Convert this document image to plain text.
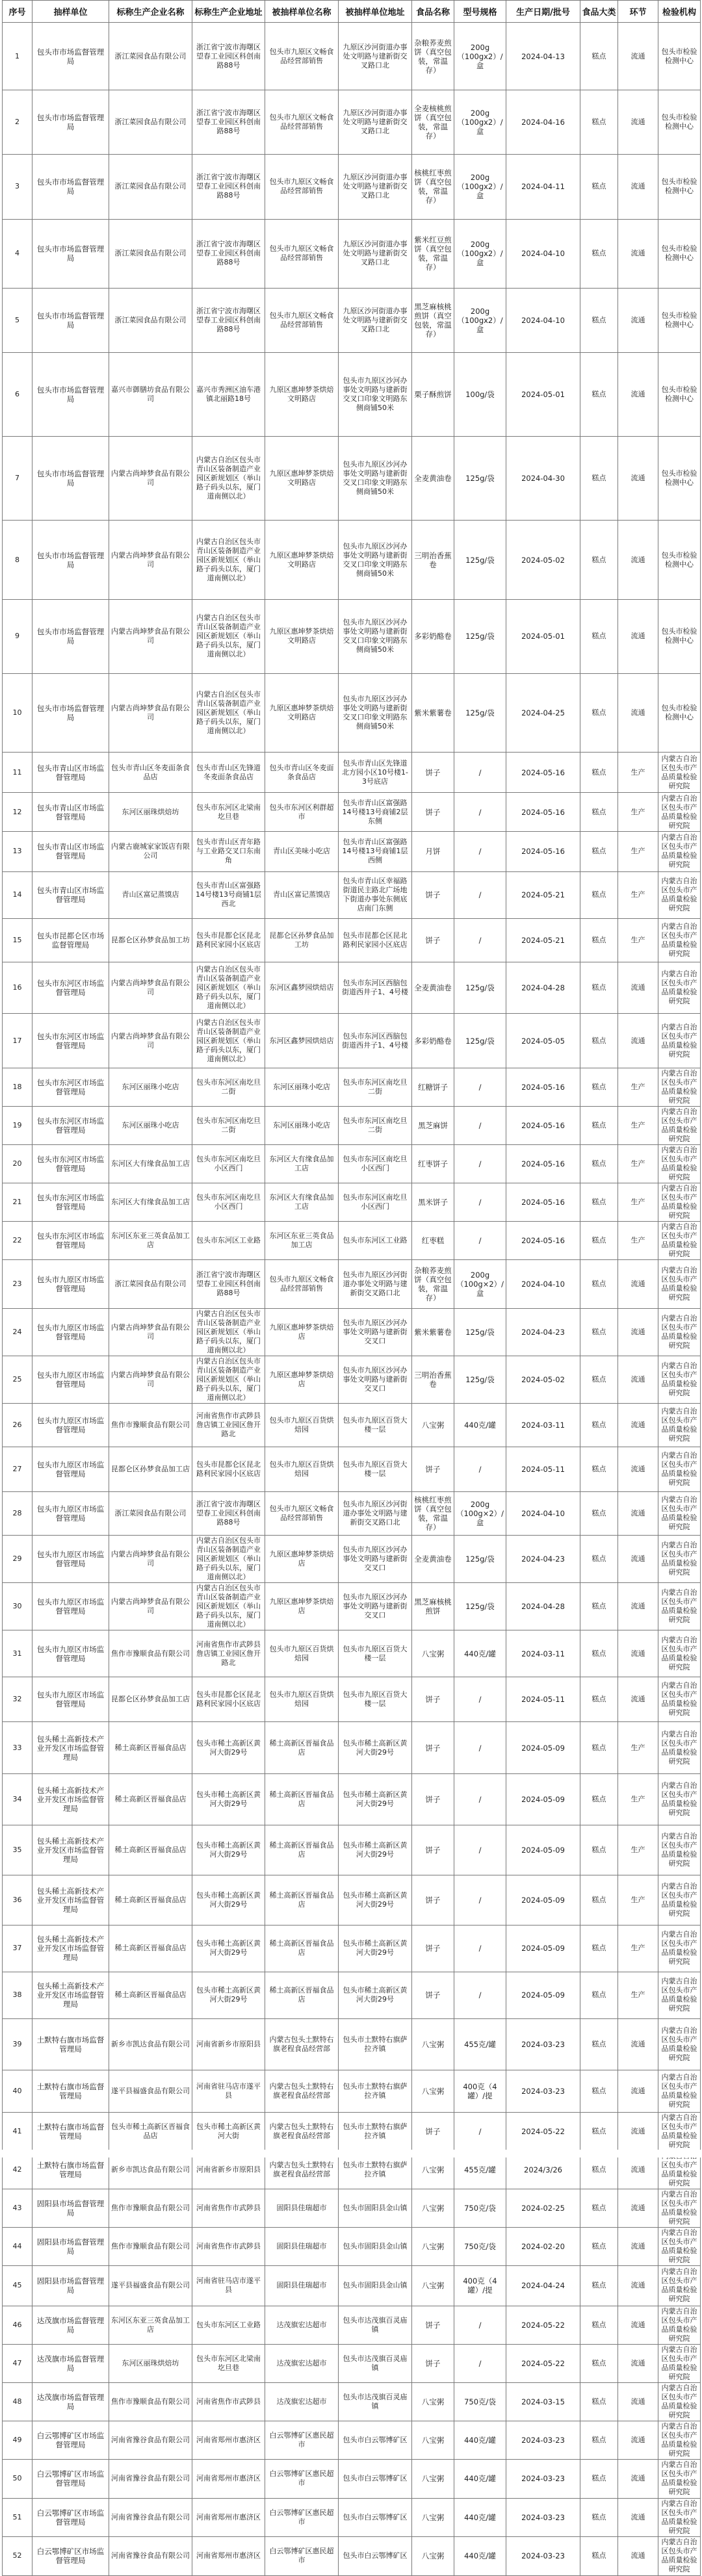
序号	抽样单位	标称生产企业名称	标称生产企业地址	被抽样单位名称	被抽样单位地址	食品名称	型号规格	生产日期/批号	食品大类	环节	检验机构
1	包头市市场监督管理局	浙江菜园食品有限公司	浙江省宁波市海曙区望春工业园区科创南路88号	包头市九原区文畅食品经营部销售	九原区沙河街道办事处文明路与建新街交叉路口北	杂粮荞麦煎饼（真空包装，常温存）	200g（100gx2）/盒	2024-04-13	糕点	流通	包头市检验检测中心
2	包头市市场监督管理局	浙江菜园食品有限公司	浙江省宁波市海曙区望春工业园区科创南路88号	包头市九原区文畅食品经营部销售	九原区沙河街道办事处文明路与建新街交叉路口北	全麦核桃煎饼（真空包装，常温存）	200g（100gx2）/盒	2024-04-16	糕点	流通	包头市检验检测中心
3	包头市市场监督管理局	浙江菜园食品有限公司	浙江省宁波市海曙区望春工业园区科创南路88号	包头市九原区文畅食品经营部销售	九原区沙河街道办事处文明路与建新街交叉路口北	核桃红枣煎饼（真空包装，常温存）	200g（100gx2）/盒	2024-04-11	糕点	流通	包头市检验检测中心
4	包头市市场监督管理局	浙江菜园食品有限公司	浙江省宁波市海曙区望春工业园区科创南路88号	包头市九原区文畅食品经营部销售	九原区沙河街道办事处文明路与建新街交叉路口北	紫米红豆煎饼（真空包装，常温存）	200g（100gx2）/盒	2024-04-10	糕点	流通	包头市检验检测中心
5	包头市市场监督管理局	浙江菜园食品有限公司	浙江省宁波市海曙区望春工业园区科创南路88号	包头市九原区文畅食品经营部销售	九原区沙河街道办事处文明路与建新街交叉路口北	黑芝麻核桃煎饼（真空包装，常温存）	200g（100gx2）/盒	2024-04-10	糕点	流通	包头市检验检测中心
6	包头市市场监督管理局	嘉兴市御膳坊食品有限公司	嘉兴市秀洲区油车港镇北丽路18号	九原区惠坤梦茶烘焙文明路店	包头市九原区沙河办事处文明路与建新街交叉口印象文明路东侧商铺50米	栗子酥煎饼	100g/袋	2024-05-01	糕点	流通	包头市检验检测中心
7	包头市市场监督管理局	内蒙古尚坤梦食品有限公司	内蒙古自治区包头市青山区装备制造产业园区新规划区（举山路子码头以东，厦门道南侧以北）	九原区惠坤梦茶烘焙文明路店	包头市九原区沙河办事处文明路与建新街交叉口印象文明路东侧商铺50米	全麦黄油卷	125g/袋	2024-04-30	糕点	流通	包头市检验检测中心
8	包头市市场监督管理局	内蒙古尚坤梦食品有限公司	内蒙古自治区包头市青山区装备制造产业园区新规划区（举山路子码头以东，厦门道南侧以北）	九原区惠坤梦茶烘焙文明路店	包头市九原区沙河办事处文明路与建新街交叉口印象文明路东侧商铺50米	三明治香蕉卷	125g/袋	2024-05-02	糕点	流通	包头市检验检测中心
9	包头市市场监督管理局	内蒙古尚坤梦食品有限公司	内蒙古自治区包头市青山区装备制造产业园区新规划区（举山路子码头以东，厦门道南侧以北）	九原区惠坤梦茶烘焙文明路店	包头市九原区沙河办事处文明路与建新街交叉口印象文明路东侧商铺50米	多彩奶酪卷	125g/袋	2024-05-01	糕点	流通	包头市检验检测中心
10	包头市市场监督管理局	内蒙古尚坤梦食品有限公司	内蒙古自治区包头市青山区装备制造产业园区新规划区（举山路子码头以东，厦门道南侧以北）	九原区惠坤梦茶烘焙文明路店	包头市九原区沙河办事处文明路与建新街交叉口印象文明路东侧商铺50米	紫米紫薯卷	125g/袋	2024-04-25	糕点	流通	包头市检验检测中心
11	包头市青山区市场监督管理局	包头市青山区冬麦面条食品店	包头市青山区先锋道冬麦面条食品店	包头市青山区冬麦面条食品店	包头市青山区先锋道北方园小区10号楼1-3号底店	饼子	/	2024-05-16	糕点	生产	内蒙古自治区包头市产品质量检验研究院
12	包头市青山区市场监督管理局	东河区丽珠烘焙坊	包头市东河区北梁南圪旦巷	包头市东河区利群超市	包头市青山区富强路14号楼13号商铺2层东侧	饼子	/	2024-05-16	糕点	生产	内蒙古自治区包头市产品质量检验研究院
13	包头市青山区市场监督管理局	内蒙古鹿城家家饭店有限公司	包头市青山区青年路与工业路交叉口东南角	青山区美味小吃店	包头市青山区富强路14号楼13号商铺1层西侧	月饼	/	2024-05-16	糕点	生产	内蒙古自治区包头市产品质量检验研究院
14	包头市青山区市场监督管理局	青山区富记蒸馍店	包头市青山区富强路14号楼13号商铺1层西北	青山区富记蒸馍店	包头市青山区幸福路街道民主路北广场地下街道办事处东侧底店南门东侧	饼子	/	2024-05-21	糕点	生产	内蒙古自治区包头市产品质量检验研究院
15	包头市昆都仑区市场监督管理局	昆都仑区孙梦食品加工坊	包头市昆都仑区昆北路利民家园小区底店	昆都仑区孙梦食品加工坊	包头市昆都仑区昆北路利民家园小区底店	饼子	/	2024-05-21	糕点	生产	内蒙古自治区包头市产品质量检验研究院
16	包头市东河区市场监督管理局	内蒙古尚坤梦食品有限公司	内蒙古自治区包头市青山区装备制造产业园区新规划区（举山路子码头以东，厦门道南侧以北）	东河区鑫梦园烘焙店	包头市东河区西脑包街道西井子1、4号楼	全麦黄油卷	125g/袋	2024-04-28	糕点	流通	内蒙古自治区包头市产品质量检验研究院
17	包头市东河区市场监督管理局	内蒙古尚坤梦食品有限公司	内蒙古自治区包头市青山区装备制造产业园区新规划区（举山路子码头以东，厦门道南侧以北）	东河区鑫梦园烘焙店	包头市东河区西脑包街道西井子1、4号楼	多彩奶酪卷	125g/袋	2024-05-05	糕点	流通	内蒙古自治区包头市产品质量检验研究院
18	包头市东河区市场监督管理局	东河区丽珠小吃店	包头市东河区南圪旦二街	东河区丽珠小吃店	包头市东河区南圪旦二街	红糖饼子	/	2024-05-16	糕点	生产	内蒙古自治区包头市产品质量检验研究院
19	包头市东河区市场监督管理局	东河区丽珠小吃店	包头市东河区南圪旦二街	东河区丽珠小吃店	包头市东河区南圪旦二街	黑芝麻饼	/	2024-05-16	糕点	生产	内蒙古自治区包头市产品质量检验研究院
20	包头市东河区市场监督管理局	东河区大有缘食品加工店	包头市东河区南圪旦小区西门	东河区大有缘食品加工店	包头市东河区南圪旦小区西门	红枣饼子	/	2024-05-16	糕点	生产	内蒙古自治区包头市产品质量检验研究院
21	包头市东河区市场监督管理局	东河区大有缘食品加工店	包头市东河区南圪旦小区西门	东河区大有缘食品加工店	包头市东河区南圪旦小区西门	黑米饼子	/	2024-05-16	糕点	生产	内蒙古自治区包头市产品质量检验研究院
22	包头市东河区市场监督管理局	东河区东亚三英食品加工店	包头市东河区工业路	东河区东亚三英食品加工店	包头市东河区工业路	红枣糕	/	2024-05-16	糕点	生产	内蒙古自治区包头市产品质量检验研究院
23	包头市九原区市场监督管理局	浙江菜园食品有限公司	浙江省宁波市海曙区望春工业园区科创南路88号	包头市九原区文畅食品经营部销售	包头市九原区沙河街道办事处文明路与建新街交叉路口北	杂粮荞麦煎饼（真空包装，常温存）	200g（100g×2）/盒	2024-04-10	糕点	流通	内蒙古自治区包头市产品质量检验研究院
24	包头市九原区市场监督管理局	内蒙古尚坤梦食品有限公司	内蒙古自治区包头市青山区装备制造产业园区新规划区（举山路子码头以东，厦门道南侧以北）	九原区惠坤梦茶烘焙店	包头市九原区沙河办事处文明路与建新街交叉口	紫米紫薯卷	125g/袋	2024-04-23	糕点	流通	内蒙古自治区包头市产品质量检验研究院
25	包头市九原区市场监督管理局	内蒙古尚坤梦食品有限公司	内蒙古自治区包头市青山区装备制造产业园区新规划区（举山路子码头以东，厦门道南侧以北）	九原区惠坤梦茶烘焙店	包头市九原区沙河办事处文明路与建新街交叉口	三明治香蕉卷	125g/袋	2024-05-02	糕点	流通	内蒙古自治区包头市产品质量检验研究院
26	包头市九原区市场监督管理局	焦作市豫顺食品有限公司	河南省焦作市武陟县詹店镇工业园区詹开路北	包头市九原区百货烘焙园	包头市九原区百货大楼一层	八宝粥	440克/罐	2024-03-11	糕点	流通	内蒙古自治区包头市产品质量检验研究院
27	包头市九原区市场监督管理局	昆都仑区孙梦食品加工店	包头市昆都仑区昆北路利民家园小区底店	包头市九原区百货烘焙园	包头市九原区百货大楼一层	饼子	/	2024-05-11	糕点	流通	内蒙古自治区包头市产品质量检验研究院
28	包头市九原区市场监督管理局	浙江菜园食品有限公司	浙江省宁波市海曙区望春工业园区科创南路88号	包头市九原区文畅食品经营部销售	包头市九原区沙河街道办事处文明路与建新街交叉路口北	核桃红枣煎饼（真空包装，常温存）	200g（100g×2）/盒	2024-04-10	糕点	流通	内蒙古自治区包头市产品质量检验研究院
29	包头市九原区市场监督管理局	内蒙古尚坤梦食品有限公司	内蒙古自治区包头市青山区装备制造产业园区新规划区（举山路子码头以东，厦门道南侧以北）	九原区惠坤梦茶烘焙店	包头市九原区沙河办事处文明路与建新街交叉口	全麦黄油卷	125g/袋	2024-04-23	糕点	流通	内蒙古自治区包头市产品质量检验研究院
30	包头市九原区市场监督管理局	内蒙古尚坤梦食品有限公司	内蒙古自治区包头市青山区装备制造产业园区新规划区（举山路子码头以东，厦门道南侧以北）	九原区惠坤梦茶烘焙店	包头市九原区沙河办事处文明路与建新街交叉口	黑芝麻核桃煎饼	125g/袋	2024-04-28	糕点	流通	内蒙古自治区包头市产品质量检验研究院
31	包头市九原区市场监督管理局	焦作市豫顺食品有限公司	河南省焦作市武陟县詹店镇工业园区詹开路北	包头市九原区百货烘焙园	包头市九原区百货大楼一层	八宝粥	440克/罐	2024-03-11	糕点	流通	内蒙古自治区包头市产品质量检验研究院
32	包头市九原区市场监督管理局	昆都仑区孙梦食品加工店	包头市昆都仑区昆北路利民家园小区底店	包头市九原区百货烘焙园	包头市九原区百货大楼一层	饼子	/	2024-05-11	糕点	流通	内蒙古自治区包头市产品质量检验研究院
33	包头稀土高新技术产业开发区市场监督管理局	稀土高新区晋福食品店	包头市稀土高新区黄河大街29号	稀土高新区晋福食品店	包头市稀土高新区黄河大街29号	饼子	/	2024-05-09	糕点	生产	内蒙古自治区包头市产品质量检验研究院
34	包头稀土高新技术产业开发区市场监督管理局	稀土高新区晋福食品店	包头市稀土高新区黄河大街29号	稀土高新区晋福食品店	包头市稀土高新区黄河大街29号	饼子	/	2024-05-09	糕点	生产	内蒙古自治区包头市产品质量检验研究院
35	包头稀土高新技术产业开发区市场监督管理局	稀土高新区晋福食品店	包头市稀土高新区黄河大街29号	稀土高新区晋福食品店	包头市稀土高新区黄河大街29号	饼子	/	2024-05-09	糕点	生产	内蒙古自治区包头市产品质量检验研究院
36	包头稀土高新技术产业开发区市场监督管理局	稀土高新区晋福食品店	包头市稀土高新区黄河大街29号	稀土高新区晋福食品店	包头市稀土高新区黄河大街29号	饼子	/	2024-05-09	糕点	生产	内蒙古自治区包头市产品质量检验研究院
37	包头稀土高新技术产业开发区市场监督管理局	稀土高新区晋福食品店	包头市稀土高新区黄河大街29号	稀土高新区晋福食品店	包头市稀土高新区黄河大街29号	饼子	/	2024-05-09	糕点	生产	内蒙古自治区包头市产品质量检验研究院
38	包头稀土高新技术产业开发区市场监督管理局	稀土高新区晋福食品店	包头市稀土高新区黄河大街29号	稀土高新区晋福食品店	包头市稀土高新区黄河大街29号	饼子	/	2024-05-09	糕点	生产	内蒙古自治区包头市产品质量检验研究院
39	土默特右旗市场监督管理局	新乡市凯达食品有限公司	河南省新乡市原阳县	内蒙古包头土默特右旗老程食品经营部	包头市土默特右旗萨拉齐镇	八宝粥	455克/罐	2024-03-23	糕点	流通	内蒙古自治区包头市产品质量检验研究院
40	土默特右旗市场监督管理局	遂平县福盛食品有限公司	河南省驻马店市遂平县	内蒙古包头土默特右旗老程食品经营部	包头市土默特右旗萨拉齐镇	八宝粥	400克（4罐）/提	2024-03-23	糕点	流通	内蒙古自治区包头市产品质量检验研究院
41	土默特右旗市场监督管理局	包头市稀土高新区晋福食品店	包头市稀土高新区黄河大街	内蒙古包头土默特右旗老程食品经营部	包头市土默特右旗萨拉齐镇	饼子	/	2024-05-22	糕点	流通	内蒙古自治区包头市产品质量检验研究院
42	土默特右旗市场监督管理局	新乡市凯达食品有限公司	河南省新乡市原阳县	内蒙古包头土默特右旗老程食品经营部	包头市土默特右旗萨拉齐镇	八宝粥	455克/罐	2024/3/26	糕点	流通	区包头市产品质量检验研究院
43	固阳县市场监督管理局	焦作市豫顺食品有限公司	河南省焦作市武陟县	固阳县佳瑞超市	包头市固阳县金山镇	八宝粥	750克/袋	2024-02-25	糕点	流通	内蒙古自治区包头市产品质量检验研究院
44	固阳县市场监督管理局	焦作市豫顺食品有限公司	河南省焦作市武陟县	固阳县佳瑞超市	包头市固阳县金山镇	八宝粥	750克/袋	2024-02-20	糕点	流通	内蒙古自治区包头市产品质量检验研究院
45	固阳县市场监督管理局	遂平县福盛食品有限公司	河南省驻马店市遂平县	固阳县佳瑞超市	包头市固阳县金山镇	八宝粥	400克（4罐）/提	2024-04-24	糕点	流通	内蒙古自治区包头市产品质量检验研究院
46	达茂旗市场监督管理局	东河区东亚三英食品加工店	包头市东河区工业路	达茂旗宏达超市	包头市达茂旗百灵庙镇	饼子	/	2024-05-22	糕点	流通	内蒙古自治区包头市产品质量检验研究院
47	达茂旗市场监督管理局	东河区丽珠烘焙坊	包头市东河区北梁南圪旦巷	达茂旗宏达超市	包头市达茂旗百灵庙镇	饼子	/	2024-05-22	糕点	流通	内蒙古自治区包头市产品质量检验研究院
48	达茂旗市场监督管理局	焦作市豫顺食品有限公司	河南省焦作市武陟县	达茂旗宏达超市	包头市达茂旗百灵庙镇	八宝粥	750克/袋	2024-03-15	糕点	流通	内蒙古自治区包头市产品质量检验研究院
49	白云鄂博矿区市场监督管理局	河南省豫谷食品有限公司	河南省郑州市惠济区	白云鄂博矿区惠民超市	包头市白云鄂博矿区	八宝粥	440克/罐	2024-03-23	糕点	流通	内蒙古自治区包头市产品质量检验研究院
50	白云鄂博矿区市场监督管理局	河南省豫谷食品有限公司	河南省郑州市惠济区	白云鄂博矿区惠民超市	包头市白云鄂博矿区	八宝粥	440克/罐	2024-03-23	糕点	流通	内蒙古自治区包头市产品质量检验研究院
51	白云鄂博矿区市场监督管理局	河南省豫谷食品有限公司	河南省郑州市惠济区	白云鄂博矿区惠民超市	包头市白云鄂博矿区	八宝粥	440克/罐	2024-03-23	糕点	流通	内蒙古自治区包头市产品质量检验研究院
52	白云鄂博矿区市场监督管理局	河南省豫谷食品有限公司	河南省郑州市惠济区	白云鄂博矿区惠民超市	包头市白云鄂博矿区	八宝粥	440克/罐	2024-03-23	糕点	流通	内蒙古自治区包头市产品质量检验研究院
